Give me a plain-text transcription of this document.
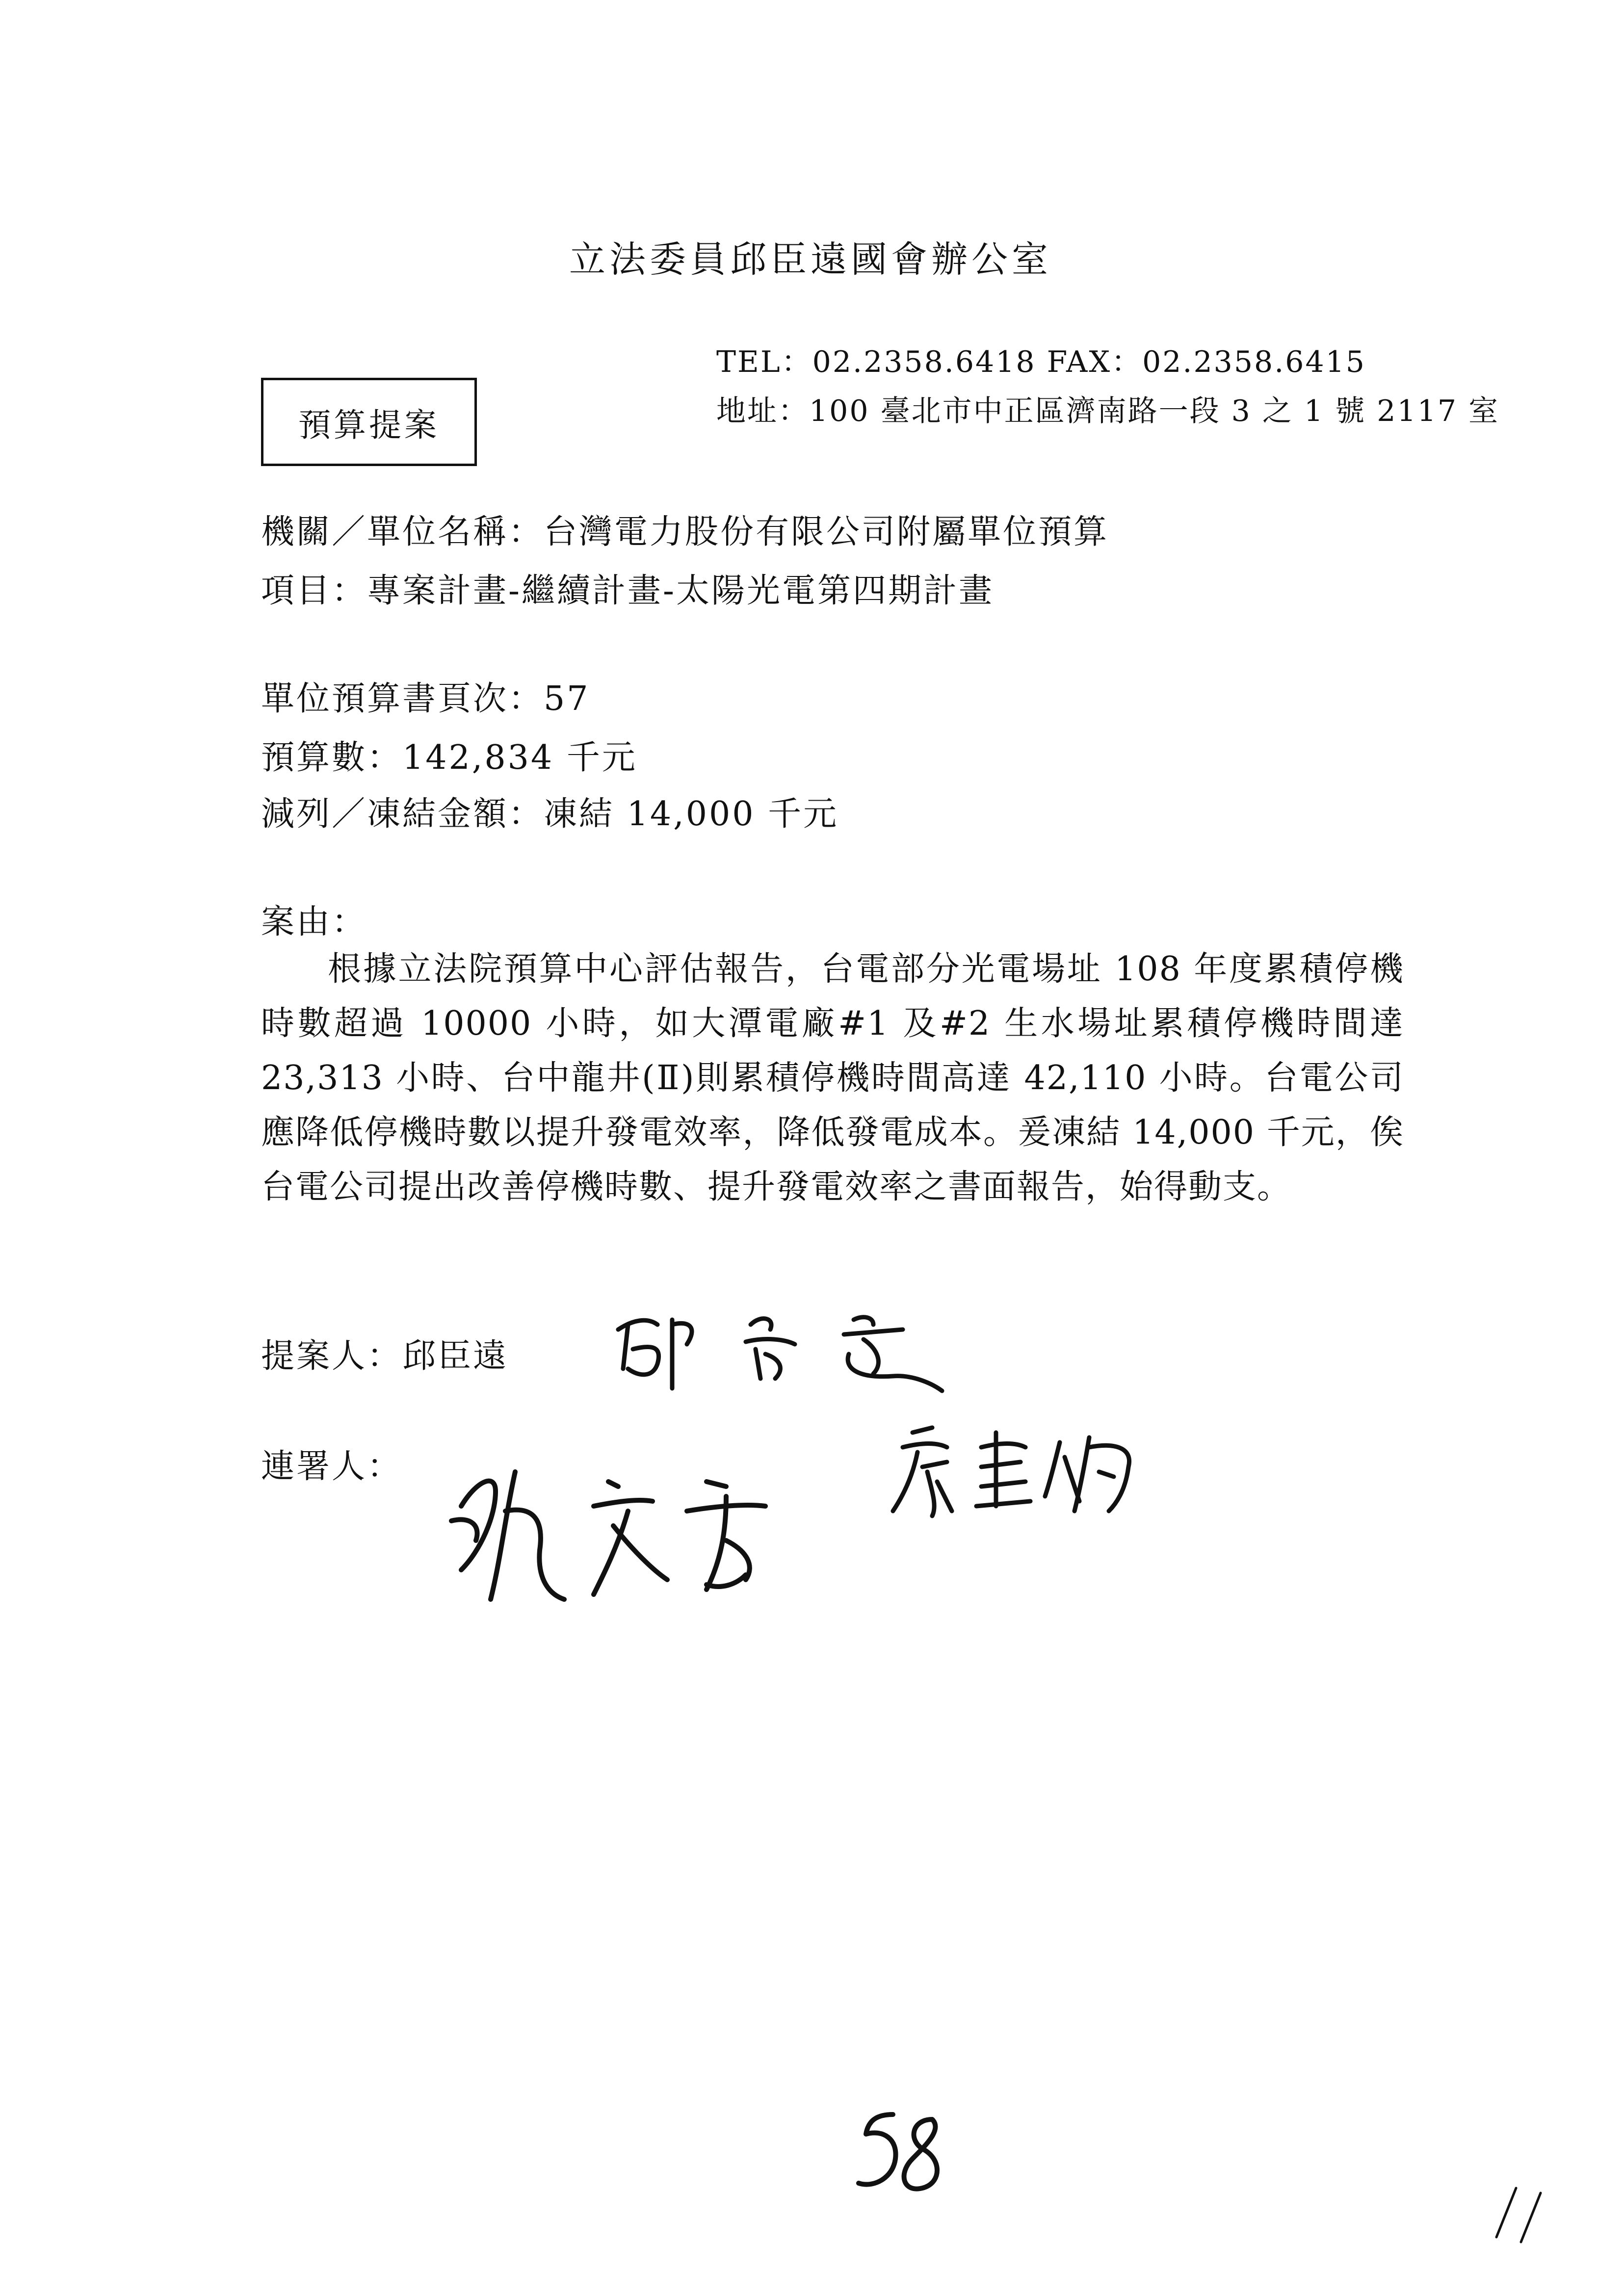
立法委員邱臣遠國會辦公室
TEL：02.2358.6418 FAX：02.2358.6415
地址：100 臺北市中正區濟南路一段 3 之 1 號 2117 室
預算提案
機關／單位名稱：台灣電力股份有限公司附屬單位預算
項目：專案計畫-繼續計畫-太陽光電第四期計畫
單位預算書頁次：57
預算數：142,834 千元
減列／凍結金額：凍結 14,000 千元
案由：
根據立法院預算中心評估報告，台電部分光電場址 108 年度累積停機時數超過 10000 小時，如大潭電廠#1 及#2 生水場址累積停機時間達 23,313 小時、台中龍井(Ⅱ)則累積停機時間高達 42,110 小時。台電公司應降低停機時數以提升發電效率，降低發電成本。爰凍結 14,000 千元，俟台電公司提出改善停機時數、提升發電效率之書面報告，始得動支。
提案人：邱臣遠
連署人：
